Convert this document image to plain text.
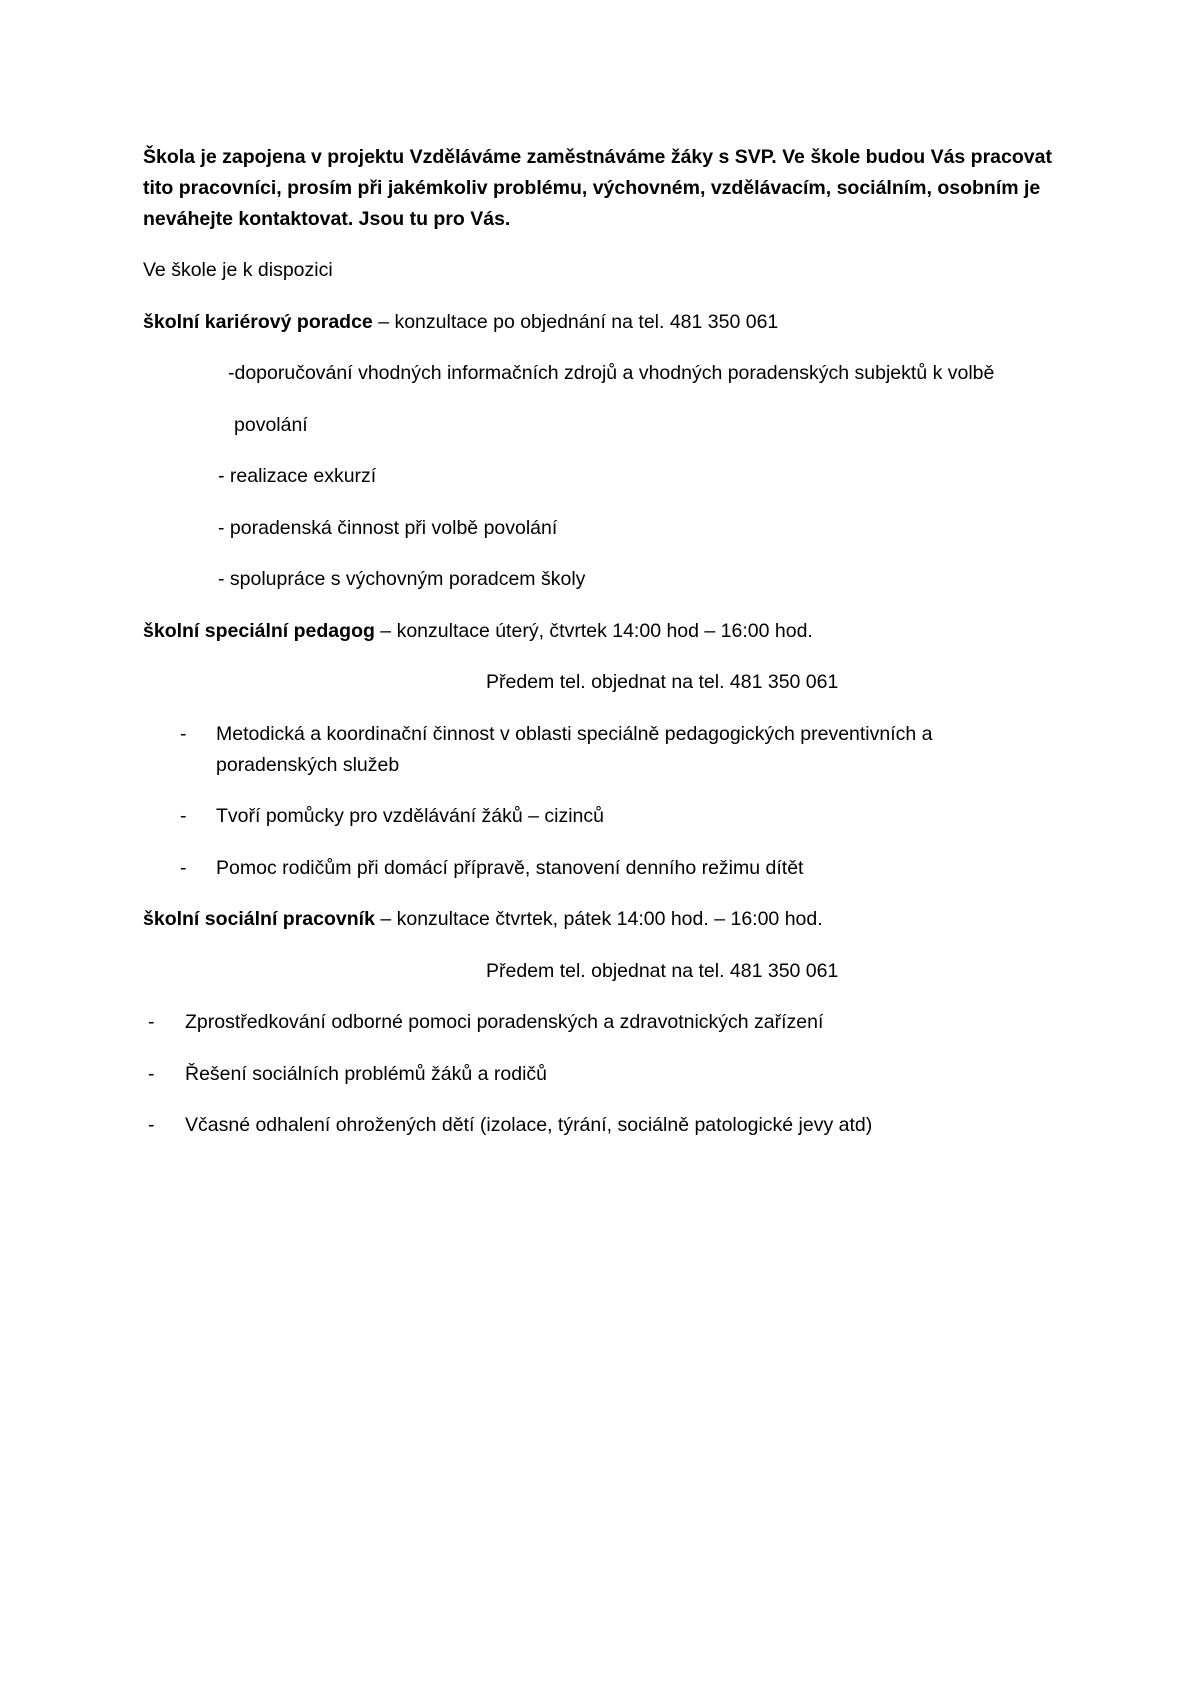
Škola je zapojena v projektu Vzděláváme zaměstnáváme žáky s SVP. Ve škole budou Vás pracovat
tito pracovníci, prosím při jakémkoliv problému, výchovném, vzdělávacím, sociálním, osobním je
neváhejte kontaktovat. Jsou tu pro Vás.
Ve škole je k dispozici
školní kariérový poradce – konzultace po objednání na tel. 481 350 061
-doporučování vhodných informačních zdrojů a vhodných poradenských subjektů k volbě
povolání
- realizace exkurzí
- poradenská činnost při volbě povolání
- spolupráce s výchovným poradcem školy
školní speciální pedagog – konzultace úterý, čtvrtek 14:00 hod – 16:00 hod.
Předem tel. objednat na tel. 481 350 061
- Metodická a koordinační činnost v oblasti speciálně pedagogických preventivních a
poradenských služeb
- Tvoří pomůcky pro vzdělávání žáků – cizinců
- Pomoc rodičům při domácí přípravě, stanovení denního režimu dítět
školní sociální pracovník – konzultace čtvrtek, pátek 14:00 hod. – 16:00 hod.
Předem tel. objednat na tel. 481 350 061
- Zprostředkování odborné pomoci poradenských a zdravotnických zařízení
- Řešení sociálních problémů žáků a rodičů
- Včasné odhalení ohrožených dětí (izolace, týrání, sociálně patologické jevy atd)
